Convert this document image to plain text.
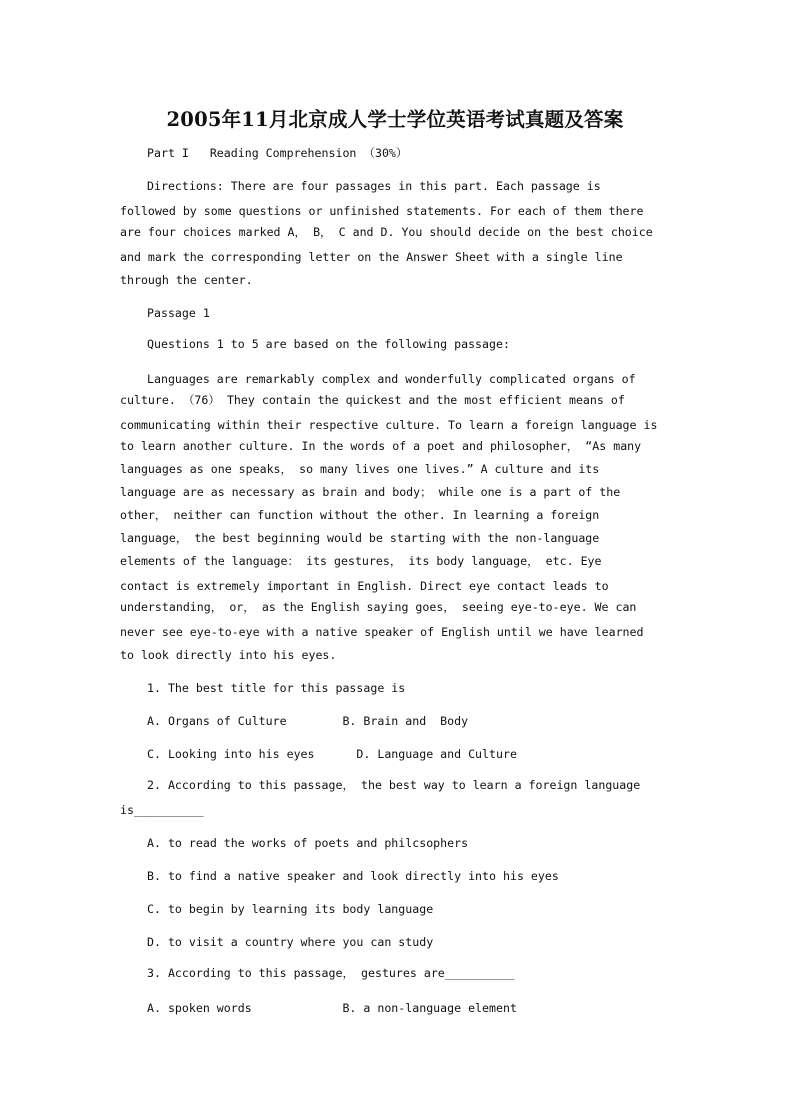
2005年11月北京成人学士学位英语考试真题及答案
Part I   Reading Comprehension （30%）
Directions: There are four passages in this part. Each passage is
followed by some questions or unfinished statements. For each of them there
are four choices marked A， B， C and D. You should decide on the best choice
and mark the corresponding letter on the Answer Sheet with a single line
through the center.
Passage 1
Questions 1 to 5 are based on the following passage:
Languages are remarkably complex and wonderfully complicated organs of
culture. （76） They contain the quickest and the most efficient means of
communicating within their respective culture. To learn a foreign language is
to learn another culture. In the words of a poet and philosopher， “As many
languages as one speaks， so many lives one lives.” A culture and its
language are as necessary as brain and body； while one is a part of the
other， neither can function without the other. In learning a foreign
language， the best beginning would be starting with the non-language
elements of the language： its gestures， its body language， etc. Eye
contact is extremely important in English. Direct eye contact leads to
understanding， or， as the English saying goes， seeing eye-to-eye. We can
never see eye-to-eye with a native speaker of English until we have learned
to look directly into his eyes.
1. The best title for this passage is
A. Organs of Culture        B. Brain and  Body
C. Looking into his eyes      D. Language and Culture
2. According to this passage， the best way to learn a foreign language
is__________
A. to read the works of poets and philcsophers
B. to find a native speaker and look directly into his eyes
C. to begin by learning its body language
D. to visit a country where you can study
3. According to this passage， gestures are__________
A. spoken words             B. a non-language element
